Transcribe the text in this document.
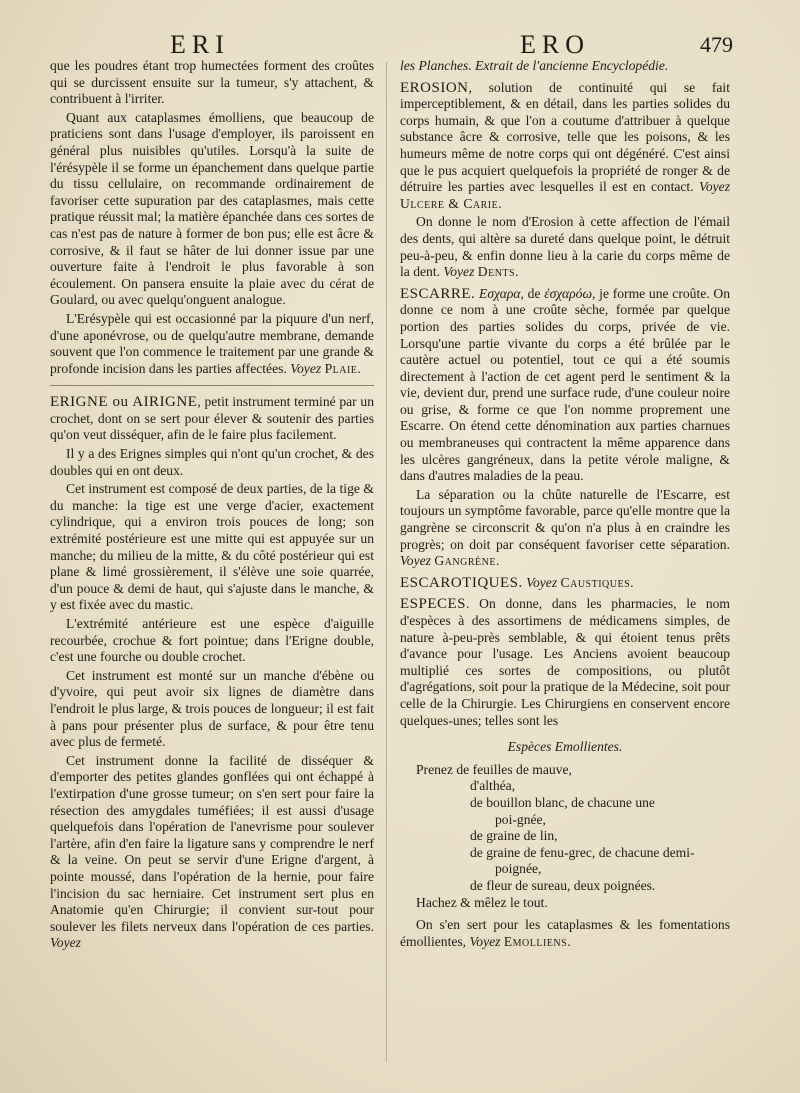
ERI	ERO	479

que les poudres étant trop humectées forment des croûtes qui se durcissent ensuite sur la tumeur, s'y attachent, & contribuent à l'irriter.

Quant aux cataplasmes émolliens, que beaucoup de praticiens sont dans l'usage d'employer, ils paroissent en général plus nuisibles qu'utiles. Lorsqu'à la suite de l'érésypèle il se forme un épanchement dans quelque partie du tissu cellulaire, on recommande ordinairement de favoriser cette supuration par des cataplasmes, mais cette pratique réussit mal; la matière épanchée dans ces sortes de cas n'est pas de nature à former de bon pus; elle est âcre & corrosive, & il faut se hâter de lui donner issue par une ouverture faite à l'endroit le plus favorable à son écoulement. On pansera ensuite la plaie avec du cérat de Goulard, ou avec quelqu'onguent analogue.

L'Erésypèle qui est occasionné par la piquure d'un nerf, d'une aponévrose, ou de quelqu'autre membrane, demande souvent que l'on commence le traitement par une grande & profonde incision dans les parties affectées. Voyez Plaie.

ERIGNE ou AIRIGNE, petit instrument terminé par un crochet, dont on se sert pour élever & soutenir des parties qu'on veut disséquer, afin de le faire plus facilement.

Il y a des Erignes simples qui n'ont qu'un crochet, & des doubles qui en ont deux.

Cet instrument est composé de deux parties, de la tige & du manche: la tige est une verge d'acier, exactement cylindrique, qui a environ trois pouces de long; son extrémité postérieure est une mitte qui est appuyée sur un manche; du milieu de la mitte, & du côté postérieur qui est plane & limé grossièrement, il s'élève une soie quarrée, d'un pouce & demi de haut, qui s'ajuste dans le manche, & y est fixée avec du mastic.

L'extrémité antérieure est une espèce d'aiguille recourbée, crochue & fort pointue; dans l'Erigne double, c'est une fourche ou double crochet.

Cet instrument est monté sur un manche d'ébène ou d'yvoire, qui peut avoir six lignes de diamètre dans l'endroit le plus large, & trois pouces de longueur; il est fait à pans pour présenter plus de surface, & pour être tenu avec plus de fermeté.

Cet instrument donne la facilité de disséquer & d'emporter des petites glandes gonflées qui ont échappé à l'extirpation d'une grosse tumeur; on s'en sert pour faire la résection des amygdales tuméfiées; il est aussi d'usage quelquefois dans l'opération de l'anevrisme pour soulever l'artère, afin d'en faire la ligature sans y comprendre le nerf & la veine. On peut se servir d'une Erigne d'argent, à pointe moussé, dans l'opération de la hernie, pour faire l'incision du sac herniaire. Cet instrument sert plus en Anatomie qu'en Chirurgie; il convient sur-tout pour soulever les filets nerveux dans l'opération de ces parties. Voyez

les Planches. Extrait de l'ancienne Encyclopédie.

EROSION, solution de continuité qui se fait imperceptiblement, & en détail, dans les parties solides du corps humain, & que l'on a coutume d'attribuer à quelque substance âcre & corrosive, telle que les poisons, & les humeurs même de notre corps qui ont dégénéré. C'est ainsi que le pus acquiert quelquefois la propriété de ronger & de détruire les parties avec lesquelles il est en contact. Voyez Ulcere & Carie.

On donne le nom d'Erosion à cette affection de l'émail des dents, qui altère sa dureté dans quelque point, le détruit peu-à-peu, & enfin donne lieu à la carie du corps même de la dent. Voyez Dents.

ESCARRE. Εσχαρα, de ἐσχαρόω, je forme une croûte. On donne ce nom à une croûte sèche, formée par quelque portion des parties solides du corps, privée de vie. Lorsqu'une partie vivante du corps a été brûlée par le cautère actuel ou potentiel, tout ce qui a été soumis directement à l'action de cet agent perd le sentiment & la vie, devient dur, prend une surface rude, d'une couleur noire ou grise, & forme ce que l'on nomme proprement une Escarre. On étend cette dénomination aux parties charnues ou membraneuses qui contractent la même apparence dans les ulcères gangréneux, dans la petite vérole maligne, & dans d'autres maladies de la peau.

La séparation ou la chûte naturelle de l'Escarre, est toujours un symptôme favorable, parce qu'elle montre que la gangrène se circonscrit & qu'on n'a plus à en craindre les progrès; on doit par conséquent favoriser cette séparation. Voyez Gangrène.

ESCAROTIQUES. Voyez Caustiques.

ESPECES. On donne, dans les pharmacies, le nom d'espèces à des assortimens de médicamens simples, de nature à-peu-près semblable, & qui étoient tenus prêts d'avance pour l'usage. Les Anciens avoient beaucoup multiplié ces sortes de compositions, ou plutôt d'agrégations, soit pour la pratique de la Médecine, soit pour celle de la Chirurgie. Les Chirurgiens en conservent encore quelques-unes; telles sont les

Espèces Emollientes.

Prenez de feuilles de mauve,
d'althéa,
de bouillon blanc, de chacune une
poi-gnée,
de graine de lin,
de graine de fenu-grec, de chacune demi-
poignée,
de fleur de sureau, deux poignées.
Hachez & mêlez le tout.

On s'en sert pour les cataplasmes & les fomentations émollientes, Voyez Emolliens.
